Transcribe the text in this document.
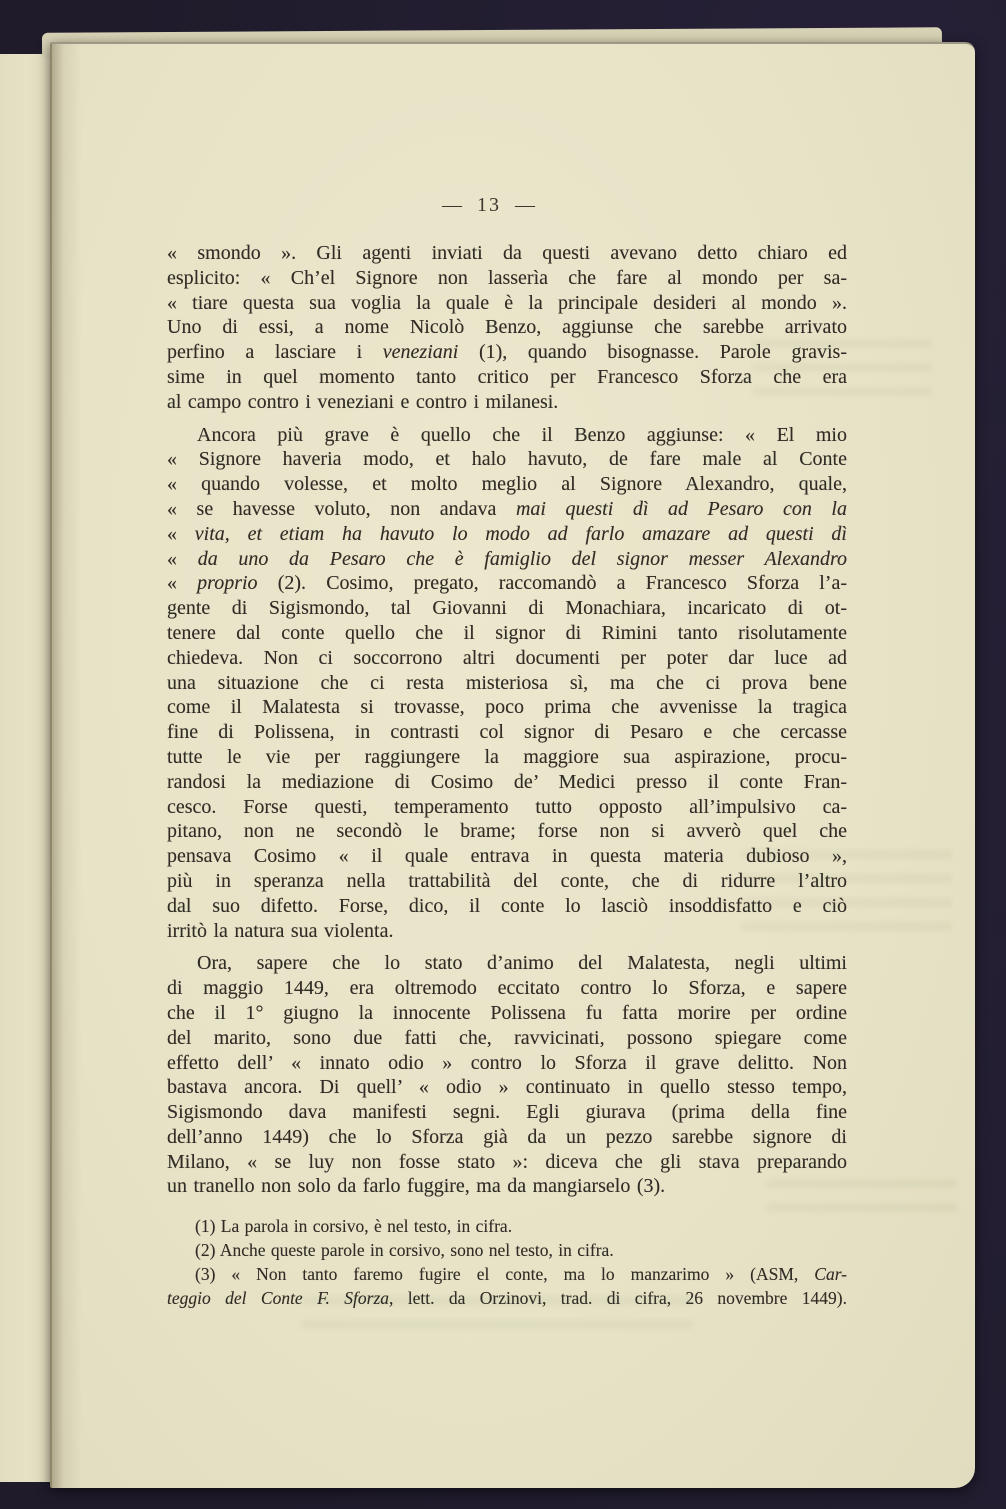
— 13 —
« smondo ». Gli agenti inviati da questi avevano detto chiaro ed
esplicito: « Ch’el Signore non lasserìa che fare al mondo per sa-
« tiare questa sua voglia la quale è la principale desideri al mondo ».
Uno di essi, a nome Nicolò Benzo, aggiunse che sarebbe arrivato
perfino a lasciare i veneziani (1), quando bisognasse. Parole gravis-
sime in quel momento tanto critico per Francesco Sforza che era
al campo contro i veneziani e contro i milanesi.
Ancora più grave è quello che il Benzo aggiunse: « El mio
« Signore haveria modo, et halo havuto, de fare male al Conte
« quando volesse, et molto meglio al Signore Alexandro, quale,
« se havesse voluto, non andava mai questi dì ad Pesaro con la
« vita, et etiam ha havuto lo modo ad farlo amazare ad questi dì
« da uno da Pesaro che è famiglio del signor messer Alexandro
« proprio (2). Cosimo, pregato, raccomandò a Francesco Sforza l’a-
gente di Sigismondo, tal Giovanni di Monachiara, incaricato di ot-
tenere dal conte quello che il signor di Rimini tanto risolutamente
chiedeva. Non ci soccorrono altri documenti per poter dar luce ad
una situazione che ci resta misteriosa sì, ma che ci prova bene
come il Malatesta si trovasse, poco prima che avvenisse la tragica
fine di Polissena, in contrasti col signor di Pesaro e che cercasse
tutte le vie per raggiungere la maggiore sua aspirazione, procu-
randosi la mediazione di Cosimo de’ Medici presso il conte Fran-
cesco. Forse questi, temperamento tutto opposto all’impulsivo ca-
pitano, non ne secondò le brame; forse non si avverò quel che
pensava Cosimo « il quale entrava in questa materia dubioso »,
più in speranza nella trattabilità del conte, che di ridurre l’altro
dal suo difetto. Forse, dico, il conte lo lasciò insoddisfatto e ciò
irritò la natura sua violenta.
Ora, sapere che lo stato d’animo del Malatesta, negli ultimi
di maggio 1449, era oltremodo eccitato contro lo Sforza, e sapere
che il 1° giugno la innocente Polissena fu fatta morire per ordine
del marito, sono due fatti che, ravvicinati, possono spiegare come
effetto dell’ « innato odio » contro lo Sforza il grave delitto. Non
bastava ancora. Di quell’ « odio » continuato in quello stesso tempo,
Sigismondo dava manifesti segni. Egli giurava (prima della fine
dell’anno 1449) che lo Sforza già da un pezzo sarebbe signore di
Milano, « se luy non fosse stato »: diceva che gli stava preparando
un tranello non solo da farlo fuggire, ma da mangiarselo (3).
(1) La parola in corsivo, è nel testo, in cifra.
(2) Anche queste parole in corsivo, sono nel testo, in cifra.
(3) « Non tanto faremo fugire el conte, ma lo manzarimo » (ASM, Car-
teggio del Conte F. Sforza, lett. da Orzinovi, trad. di cifra, 26 novembre 1449).
